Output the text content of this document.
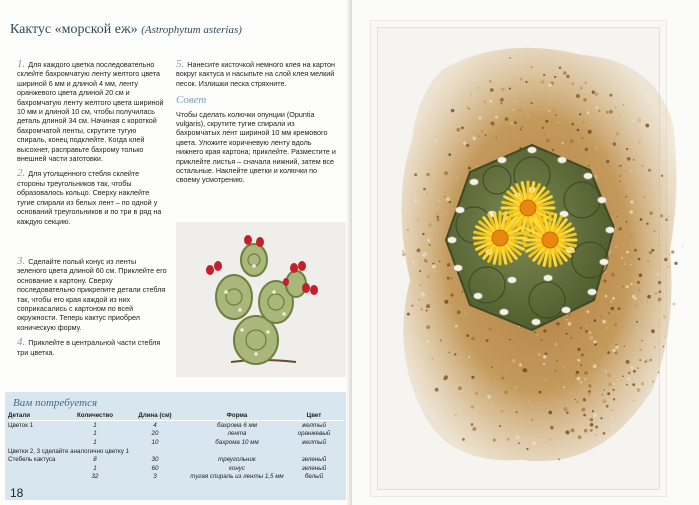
Кактус «морской еж» (Astrophytum asterias)

1. Для каждого цветка последовательно склейте бахромчатую ленту желтого цвета шириной 6 мм и длиной 4 мм, ленту оранжевого цвета длиной 20 см и бахромчатую ленту желтого цвета шириной 10 мм и длиной 10 см, чтобы получилась деталь длиной 34 см. Начиная с короткой бахромчатой ленты, скрутите тугую спираль, конец подклейте. Когда клей высохнет, расправьте бахрому только внешней части заготовки.

2. Для утолщенного стебля склейте стороны треугольников так, чтобы образовалось кольцо. Сверху наклейте тугие спирали из белых лент – по одной у оснований треугольников и по три в ряд на каждую секцию.

3. Сделайте полый конус из ленты зеленого цвета длиной 60 см. Приклейте его основание к картону. Сверху последовательно прикрепите детали стебля так, чтобы его края каждой из них соприкасались с картоном по всей окружности. Теперь кактус приобрел коническую форму.

4. Приклейте в центральной части стебля три цветка.

5. Нанесите кисточкой немного клея на картон вокруг кактуса и насыпьте на слой клея мелкий песок. Излишки песка стряхните.

Совет

Чтобы сделать колючки опунции (Opuntia vulgaris), скрутите тугие спирали из бахромчатых лент шириной 10 мм кремового цвета. Уложите коричневую ленту вдоль нижнего края картона; приклейте. Разместите и приклейте листья – сначала нижний, затем все остальные. Наклейте цветки и колючки по своему усмотрению.

Вам потребуется
Детали	Количество	Длина (см)	Форма	Цвет
Цветок 1	1	4	бахрома 6 мм	желтый
	1	20	лента	оранжевый
	1	10	бахрома 10 мм	желтый
Цветки 2, 3 сделайте аналогично цветку 1				
Стебель кактуса	8	30	треугольник	зеленый
	1	60	конус	зеленый
	32	3	тугая спираль из ленты 1,5 мм	белый
18
